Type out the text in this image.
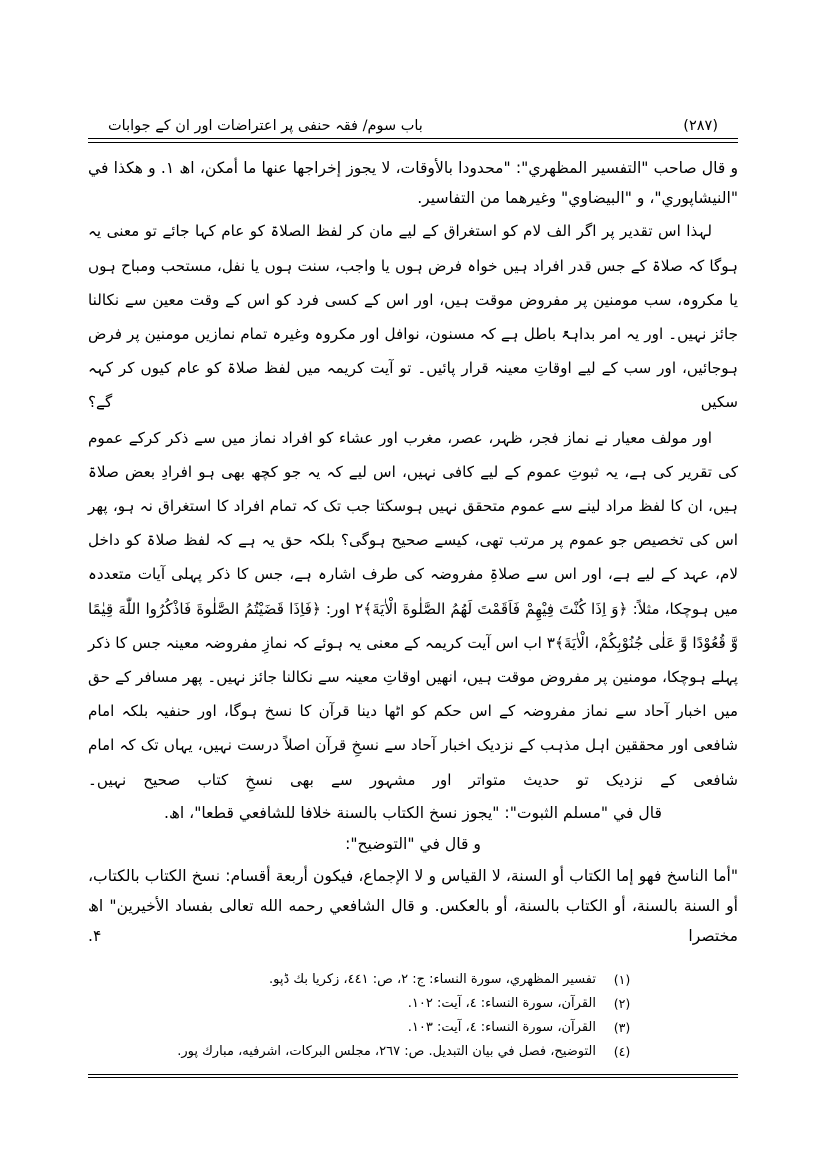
باب سوم/ فقہ حنفی پر اعتراضات اور ان کے جوابات	(۲۸۷)

و قال صاحب "التفسير المظهري": "محدودا بالأوقات، لا يجوز إخراجها عنها ما أمكن، اھ ۱. و هكذا في "النيشاپوري"، و "البيضاوي" وغيرهما من التفاسير.

لہذا اس تقدیر پر اگر الف لام کو استغراق کے لیے مان کر لفظ الصلاۃ کو عام کہا جائے تو معنی یہ ہوگا کہ صلاۃ کے جس قدر افراد ہیں خواہ فرض ہوں یا واجب، سنت ہوں یا نفل، مستحب ومباح ہوں یا مکروہ، سب مومنین پر مفروض موقت ہیں، اور اس کے کسی فرد کو اس کے وقت معین سے نکالنا جائز نہیں۔ اور یہ امر بداہۃً باطل ہے کہ مسنون، نوافل اور مکروہ وغیرہ تمام نمازیں مومنین پر فرض ہوجائیں، اور سب کے لیے اوقاتِ معینہ قرار پائیں۔ تو آیت کریمہ میں لفظ صلاۃ کو عام کیوں کر کہہ سکیں گے؟

اور مولف معیار نے نماز فجر، ظہر، عصر، مغرب اور عشاء کو افراد نماز میں سے ذکر کرکے عموم کی تقریر کی ہے، یہ ثبوتِ عموم کے لیے کافی نہیں، اس لیے کہ یہ جو کچھ بھی ہو افرادِ بعض صلاۃ ہیں، ان کا لفظ مراد لینے سے عموم متحقق نہیں ہوسکتا جب تک کہ تمام افراد کا استغراق نہ ہو، پھر اس کی تخصیص جو عموم پر مرتب تھی، کیسے صحیح ہوگی؟ بلکہ حق یہ ہے کہ لفظ صلاۃ کو داخل لام، عہد کے لیے ہے، اور اس سے صلاۃِ مفروضہ کی طرف اشارہ ہے، جس کا ذکر پہلی آیات متعددہ میں ہوچکا، مثلاً: ﴿وَ اِذَا كُنْتَ فِيْهِمْ فَاَقَمْتَ لَهُمُ الصَّلٰوةَ الْاٰيَةَ﴾۲ اور: ﴿فَاِذَا قَضَيْتُمُ الصَّلٰوةَ فَاذْكُرُوا اللّٰهَ قِيٰمًا وَّ قُعُوْدًا وَّ عَلٰى جُنُوْبِكُمْ، الْاٰيَةَ﴾۳ اب اس آیت کریمہ کے معنی یہ ہوئے کہ نمازِ مفروضہ معینہ جس کا ذکر پہلے ہوچکا، مومنین پر مفروض موقت ہیں، انھیں اوقاتِ معینہ سے نکالنا جائز نہیں۔ پھر مسافر کے حق میں اخبار آحاد سے نماز مفروضہ کے اس حکم کو اٹھا دینا قرآن کا نسخ ہوگا، اور حنفیہ بلکہ امام شافعی اور محققین اہل مذہب کے نزدیک اخبار آحاد سے نسخِ قرآن اصلاً درست نہیں، یہاں تک کہ امام شافعی کے نزدیک تو حدیث متواتر اور مشہور سے بھی نسخِ کتاب صحیح نہیں۔

قال في "مسلم الثبوت": "يجوز نسخ الكتاب بالسنة خلافا للشافعي قطعا"، اھ.

و قال في "التوضيح":

"أما الناسخ فهو إما الكتاب أو السنة، لا القياس و لا الإجماع، فيكون أربعة أقسام: نسخ الكتاب بالكتاب، أو السنة بالسنة، أو الكتاب بالسنة، أو بالعكس. و قال الشافعي رحمه الله تعالى بفساد الأخيرين" اھ مختصرا ۴.

(۱)
تفسير المظهري، سورة النساء: ج: ۲، ص: ٤٤١، زكريا بك ڈپو.
(۲)
القرآن، سورة النساء: ٤، آيت: ۱۰۲.
(۳)
القرآن، سورة النساء: ٤، آيت: ۱۰۳.
(٤)
التوضيح، فصل في بيان التبديل. ص: ۲٦۷، مجلس البركات، اشرفيه، مبارك پور.
